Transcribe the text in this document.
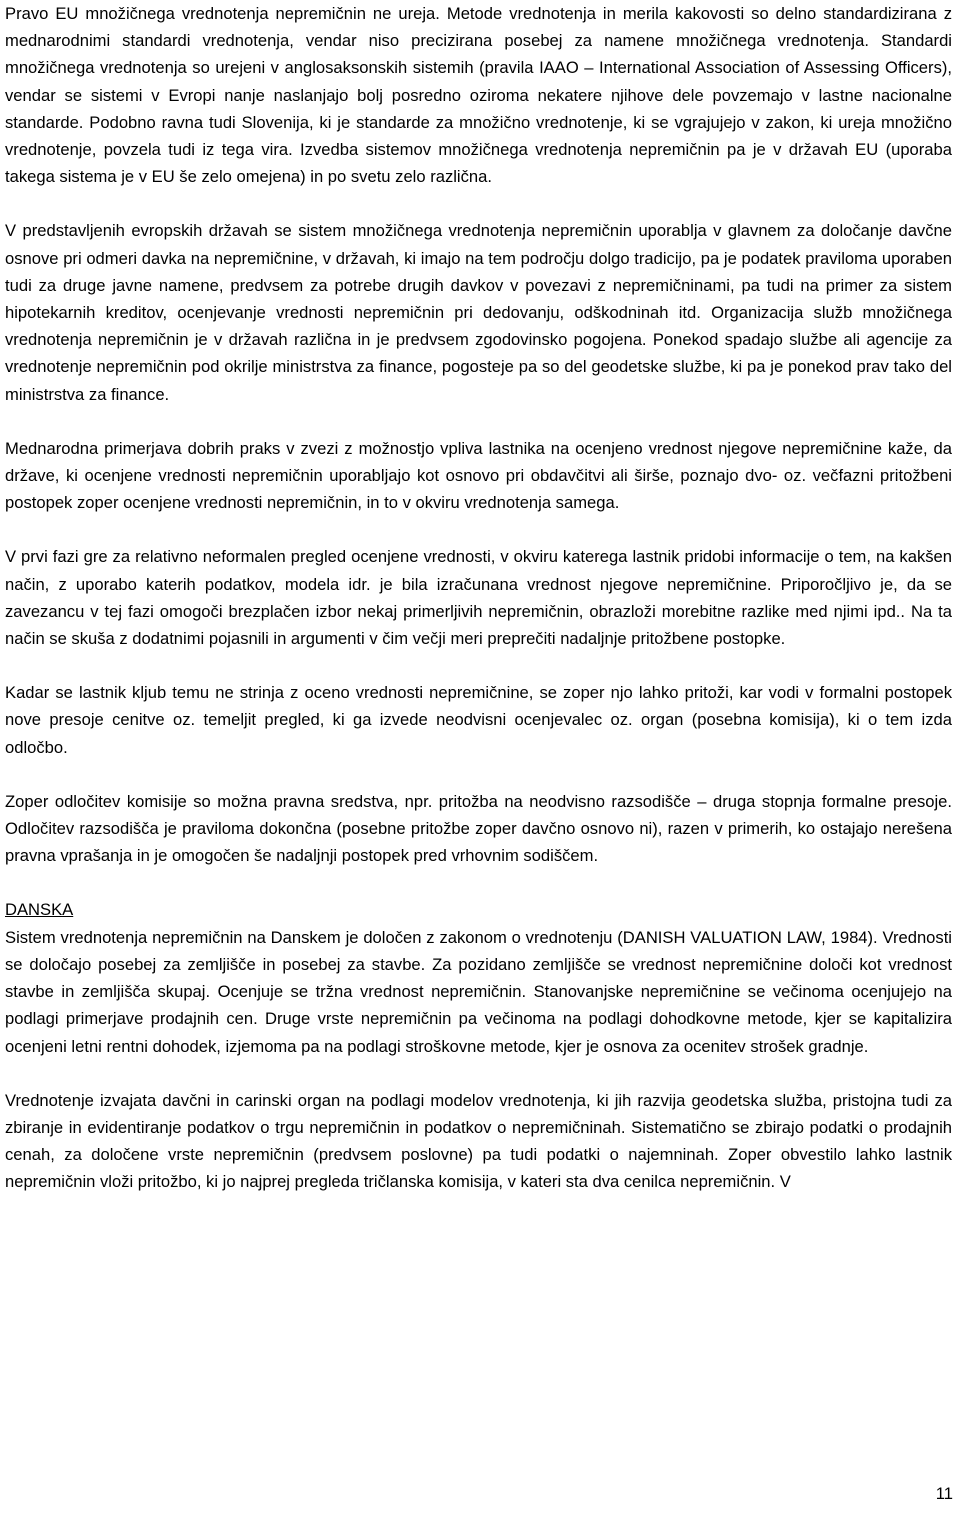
Pravo EU množičnega vrednotenja nepremičnin ne ureja. Metode vrednotenja in merila kakovosti so delno standardizirana z mednarodnimi standardi vrednotenja, vendar niso precizirana posebej za namene množičnega vrednotenja. Standardi množičnega vrednotenja so urejeni v anglosaksonskih sistemih (pravila IAAO – International Association of Assessing Officers), vendar se sistemi v Evropi nanje naslanjajo bolj posredno oziroma nekatere njihove dele povzemajo v lastne nacionalne standarde. Podobno ravna tudi Slovenija, ki je standarde za množično vrednotenje, ki se vgrajujejo v zakon, ki ureja množično vrednotenje, povzela tudi iz tega vira. Izvedba sistemov množičnega vrednotenja nepremičnin pa je v državah EU (uporaba takega sistema je v EU še zelo omejena) in po svetu zelo različna.

V predstavljenih evropskih državah se sistem množičnega vrednotenja nepremičnin uporablja v glavnem za določanje davčne osnove pri odmeri davka na nepremičnine, v državah, ki imajo na tem področju dolgo tradicijo, pa je podatek praviloma uporaben tudi za druge javne namene, predvsem za potrebe drugih davkov v povezavi z nepremičninami, pa tudi na primer za sistem hipotekarnih kreditov, ocenjevanje vrednosti nepremičnin pri dedovanju, odškodninah itd. Organizacija služb množičnega vrednotenja nepremičnin je v državah različna in je predvsem zgodovinsko pogojena. Ponekod spadajo službe ali agencije za vrednotenje nepremičnin pod okrilje ministrstva za finance, pogosteje pa so del geodetske službe, ki pa je ponekod prav tako del ministrstva za finance.

Mednarodna primerjava dobrih praks v zvezi z možnostjo vpliva lastnika na ocenjeno vrednost njegove nepremičnine kaže, da države, ki ocenjene vrednosti nepremičnin uporabljajo kot osnovo pri obdavčitvi ali širše, poznajo dvo- oz. večfazni pritožbeni postopek zoper ocenjene vrednosti nepremičnin, in to v okviru vrednotenja samega.

V prvi fazi gre za relativno neformalen pregled ocenjene vrednosti, v okviru katerega lastnik pridobi informacije o tem, na kakšen način, z uporabo katerih podatkov, modela idr. je bila izračunana vrednost njegove nepremičnine. Priporočljivo je, da se zavezancu v tej fazi omogoči brezplačen izbor nekaj primerljivih nepremičnin, obrazloži morebitne razlike med njimi ipd.. Na ta način se skuša z dodatnimi pojasnili in argumenti v čim večji meri preprečiti nadaljnje pritožbene postopke.

Kadar se lastnik kljub temu ne strinja z oceno vrednosti nepremičnine, se zoper njo lahko pritoži, kar vodi v formalni postopek nove presoje cenitve oz. temeljit pregled, ki ga izvede neodvisni ocenjevalec oz. organ (posebna komisija), ki o tem izda odločbo.

Zoper odločitev komisije so možna pravna sredstva, npr. pritožba na neodvisno razsodišče – druga stopnja formalne presoje. Odločitev razsodišča je praviloma dokončna (posebne pritožbe zoper davčno osnovo ni), razen v primerih, ko ostajajo nerešena pravna vprašanja in je omogočen še nadaljnji postopek pred vrhovnim sodiščem.

DANSKA
Sistem vrednotenja nepremičnin na Danskem je določen z zakonom o vrednotenju (DANISH VALUATION LAW, 1984). Vrednosti se določajo posebej za zemljišče in posebej za stavbe. Za pozidano zemljišče se vrednost nepremičnine določi kot vrednost stavbe in zemljišča skupaj. Ocenjuje se tržna vrednost nepremičnin. Stanovanjske nepremičnine se večinoma ocenjujejo na podlagi primerjave prodajnih cen. Druge vrste nepremičnin pa večinoma na podlagi dohodkovne metode, kjer se kapitalizira ocenjeni letni rentni dohodek, izjemoma pa na podlagi stroškovne metode, kjer je osnova za ocenitev strošek gradnje.

Vrednotenje izvajata davčni in carinski organ na podlagi modelov vrednotenja, ki jih razvija geodetska služba, pristojna tudi za zbiranje in evidentiranje podatkov o trgu nepremičnin in podatkov o nepremičninah. Sistematično se zbirajo podatki o prodajnih cenah, za določene vrste nepremičnin (predvsem poslovne) pa tudi podatki o najemninah. Zoper obvestilo lahko lastnik nepremičnin vloži pritožbo, ki jo najprej pregleda tričlanska komisija, v kateri sta dva cenilca nepremičnin. V

11
